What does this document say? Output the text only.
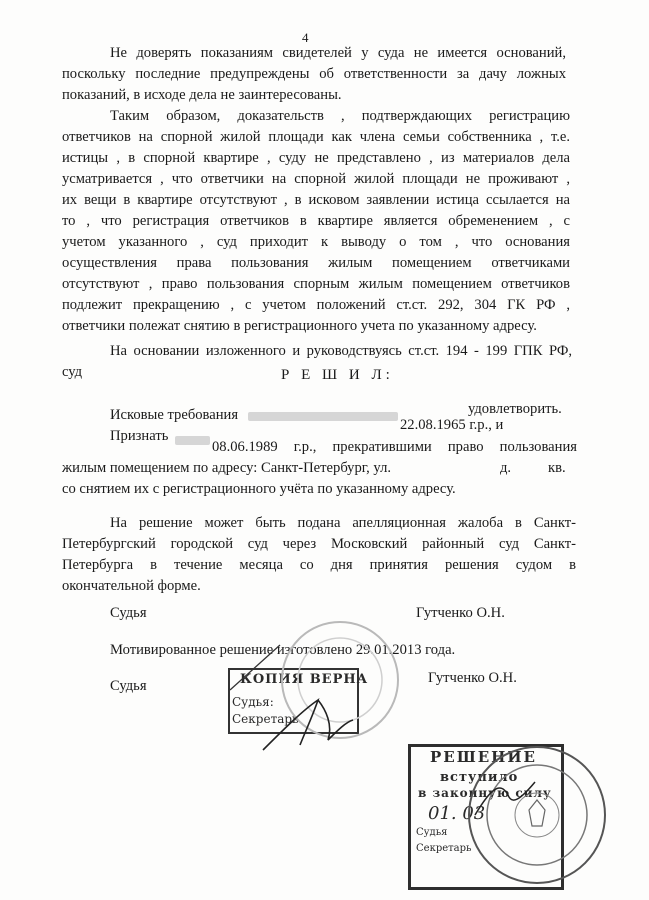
4
Не доверять показаниям свидетелей у суда не имеется оснований,
поскольку последние предупреждены об ответственности за дачу ложных
показаний, в исходе дела не заинтересованы.
Таким образом, доказательств , подтверждающих регистрацию
ответчиков на спорной жилой площади как члена семьи собственника , т.е.
истицы , в спорной квартире , суду не представлено , из материалов дела
усматривается , что ответчики на спорной жилой площади не проживают ,
их вещи в квартире отсутствуют , в исковом заявлении истица ссылается на
то , что регистрация ответчиков в квартире является обременением , с
учетом указанного , суд приходит к выводу о том , что основания
осуществления права пользования жилым помещением ответчиками
отсутствуют , право пользования спорным жилым помещением ответчиков
подлежит прекращению , с учетом положений ст.ст. 292, 304 ГК РФ ,
ответчики полежат снятию в регистрационного учета по указанному адресу.
На основании изложенного и руководствуясь ст.ст. 194 - 199 ГПК РФ,
суд	Р Е Ш И Л:
Исковые требования
22.08.1965 г.р., и
удовлетворить.
Признать
08.06.1989 г.р., прекратившими право пользования
жилым помещением по адресу: Санкт-Петербург, ул.	д.	кв.
со снятием их с регистрационного учёта по указанному адресу.
На решение может быть подана апелляционная жалоба в Санкт-
Петербургский городской суд через Московский районный суд Санкт-
Петербурга в течение месяца со дня принятия решения судом в
окончательной форме.
Судья	Гутченко О.Н.
Мотивированное решение изготовлено 29.01.2013 года.
Судья	Гутченко О.Н.
КОПИЯ ВЕРНА
Судья:
Секретарь
РЕШЕНИЕ
вступило
в законную силу
01. 03
Судья
Секретарь
